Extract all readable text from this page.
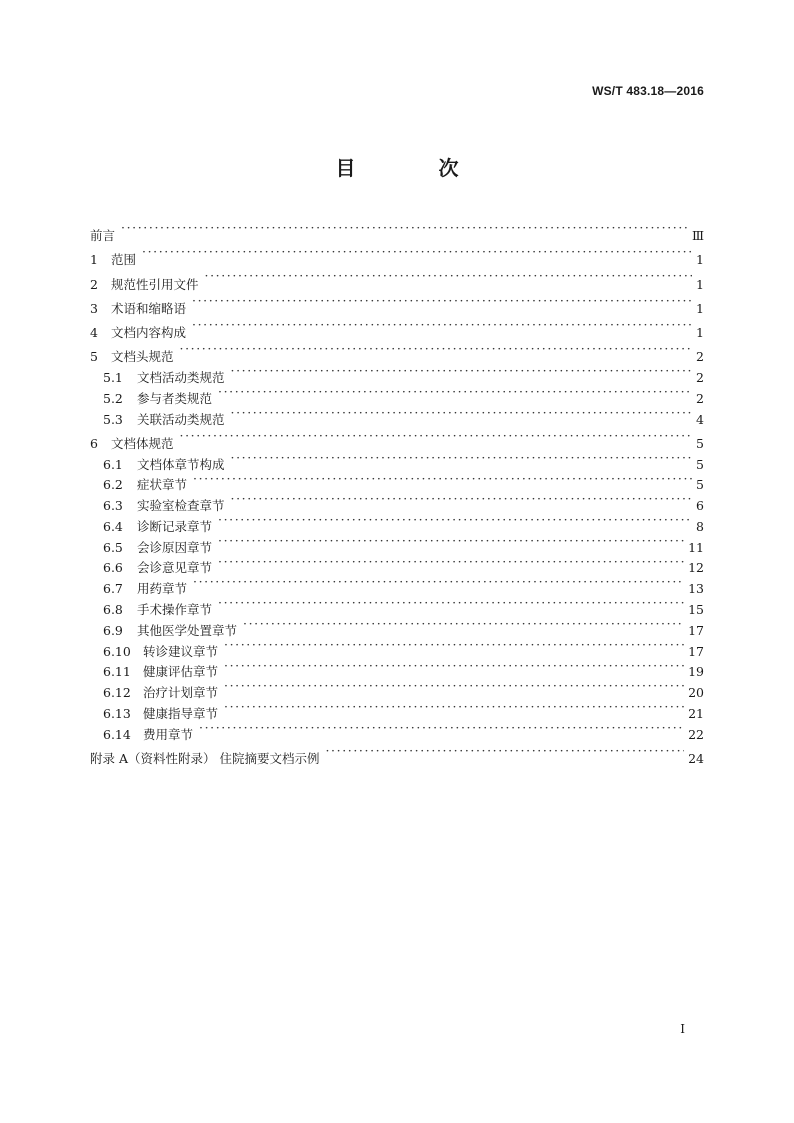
WS/T 483.18—2016
目 次
前言 ·····	Ⅲ
1	范围 ·····	1
2	规范性引用文件 ·····	1
3	术语和缩略语 ·····	1
4	文档内容构成 ·····	1
5	文档头规范 ·····	2
5.1	文档活动类规范 ·····	2
5.2	参与者类规范 ·····	2
5.3	关联活动类规范 ·····	4
6	文档体规范 ·····	5
6.1	文档体章节构成 ·····	5
6.2	症状章节 ·····	5
6.3	实验室检查章节 ·····	6
6.4	诊断记录章节 ·····	8
6.5	会诊原因章节 ·····	11
6.6	会诊意见章节 ·····	12
6.7	用药章节 ·····	13
6.8	手术操作章节 ·····	15
6.9	其他医学处置章节 ·····	17
6.10 转诊建议章节 ·····	17
6.11 健康评估章节 ·····	19
6.12 治疗计划章节 ·····	20
6.13 健康指导章节 ·····	21
6.14 费用章节 ·····	22
附录 A（资料性附录） 住院摘要文档示例 ·····	24
I
